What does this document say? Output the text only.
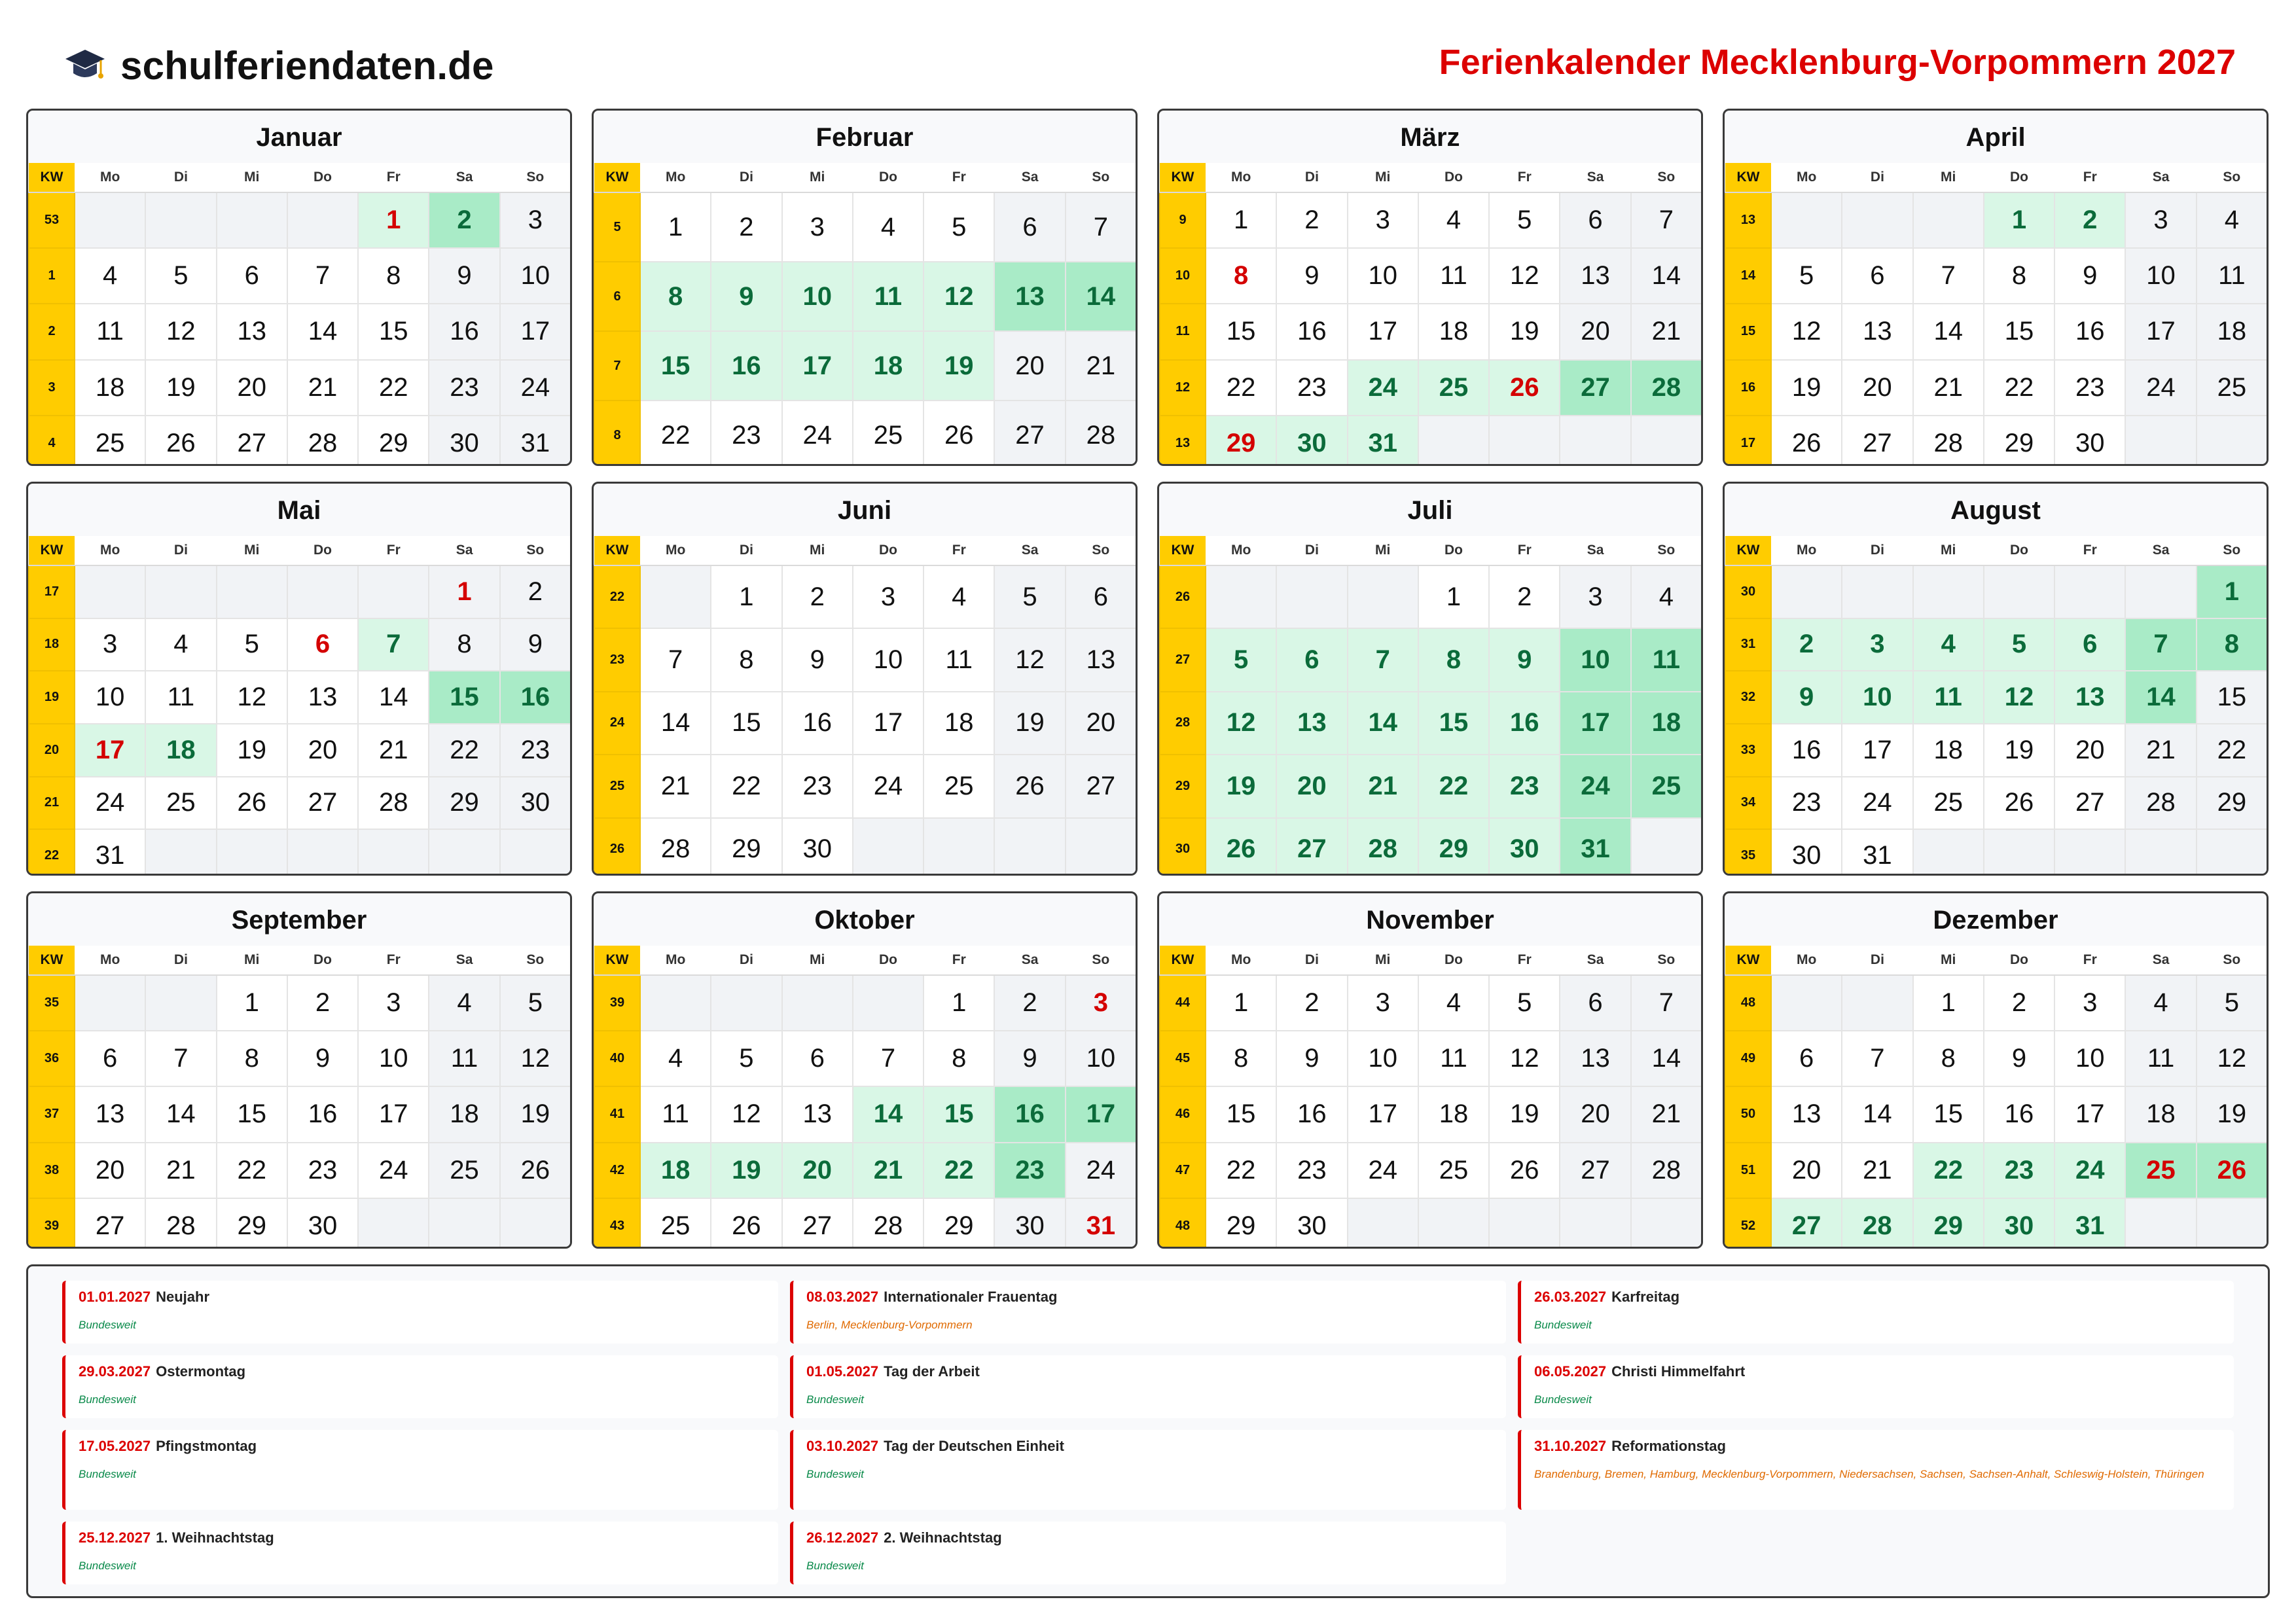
schulferiendaten.de	Ferienkalender Mecklenburg-Vorpommern 2027
Januar
KW	Mo	Di	Mi	Do	Fr	Sa	So
53					1	2	3
1	4	5	6	7	8	9	10
2	11	12	13	14	15	16	17
3	18	19	20	21	22	23	24
4	25	26	27	28	29	30	31
Februar
KW	Mo	Di	Mi	Do	Fr	Sa	So
5	1	2	3	4	5	6	7
6	8	9	10	11	12	13	14
7	15	16	17	18	19	20	21
8	22	23	24	25	26	27	28
März
KW	Mo	Di	Mi	Do	Fr	Sa	So
9	1	2	3	4	5	6	7
10	8	9	10	11	12	13	14
11	15	16	17	18	19	20	21
12	22	23	24	25	26	27	28
13	29	30	31				
April
KW	Mo	Di	Mi	Do	Fr	Sa	So
13				1	2	3	4
14	5	6	7	8	9	10	11
15	12	13	14	15	16	17	18
16	19	20	21	22	23	24	25
17	26	27	28	29	30		
Mai
KW	Mo	Di	Mi	Do	Fr	Sa	So
17						1	2
18	3	4	5	6	7	8	9
19	10	11	12	13	14	15	16
20	17	18	19	20	21	22	23
21	24	25	26	27	28	29	30
22	31						
Juni
KW	Mo	Di	Mi	Do	Fr	Sa	So
22		1	2	3	4	5	6
23	7	8	9	10	11	12	13
24	14	15	16	17	18	19	20
25	21	22	23	24	25	26	27
26	28	29	30				
Juli
KW	Mo	Di	Mi	Do	Fr	Sa	So
26				1	2	3	4
27	5	6	7	8	9	10	11
28	12	13	14	15	16	17	18
29	19	20	21	22	23	24	25
30	26	27	28	29	30	31	
August
KW	Mo	Di	Mi	Do	Fr	Sa	So
30							1
31	2	3	4	5	6	7	8
32	9	10	11	12	13	14	15
33	16	17	18	19	20	21	22
34	23	24	25	26	27	28	29
35	30	31					
September
KW	Mo	Di	Mi	Do	Fr	Sa	So
35			1	2	3	4	5
36	6	7	8	9	10	11	12
37	13	14	15	16	17	18	19
38	20	21	22	23	24	25	26
39	27	28	29	30			
Oktober
KW	Mo	Di	Mi	Do	Fr	Sa	So
39					1	2	3
40	4	5	6	7	8	9	10
41	11	12	13	14	15	16	17
42	18	19	20	21	22	23	24
43	25	26	27	28	29	30	31
November
KW	Mo	Di	Mi	Do	Fr	Sa	So
44	1	2	3	4	5	6	7
45	8	9	10	11	12	13	14
46	15	16	17	18	19	20	21
47	22	23	24	25	26	27	28
48	29	30					
Dezember
KW	Mo	Di	Mi	Do	Fr	Sa	So
48			1	2	3	4	5
49	6	7	8	9	10	11	12
50	13	14	15	16	17	18	19
51	20	21	22	23	24	25	26
52	27	28	29	30	31		
01.01.2027 Neujahr
Bundesweit
08.03.2027 Internationaler Frauentag
Berlin, Mecklenburg-Vorpommern
26.03.2027 Karfreitag
Bundesweit
29.03.2027 Ostermontag
Bundesweit
01.05.2027 Tag der Arbeit
Bundesweit
06.05.2027 Christi Himmelfahrt
Bundesweit
17.05.2027 Pfingstmontag
Bundesweit
03.10.2027 Tag der Deutschen Einheit
Bundesweit
31.10.2027 Reformationstag
Brandenburg, Bremen, Hamburg, Mecklenburg-Vorpommern, Niedersachsen, Sachsen, Sachsen-Anhalt, Schleswig-Holstein, Thüringen
25.12.2027 1. Weihnachtstag
Bundesweit
26.12.2027 2. Weihnachtstag
Bundesweit
